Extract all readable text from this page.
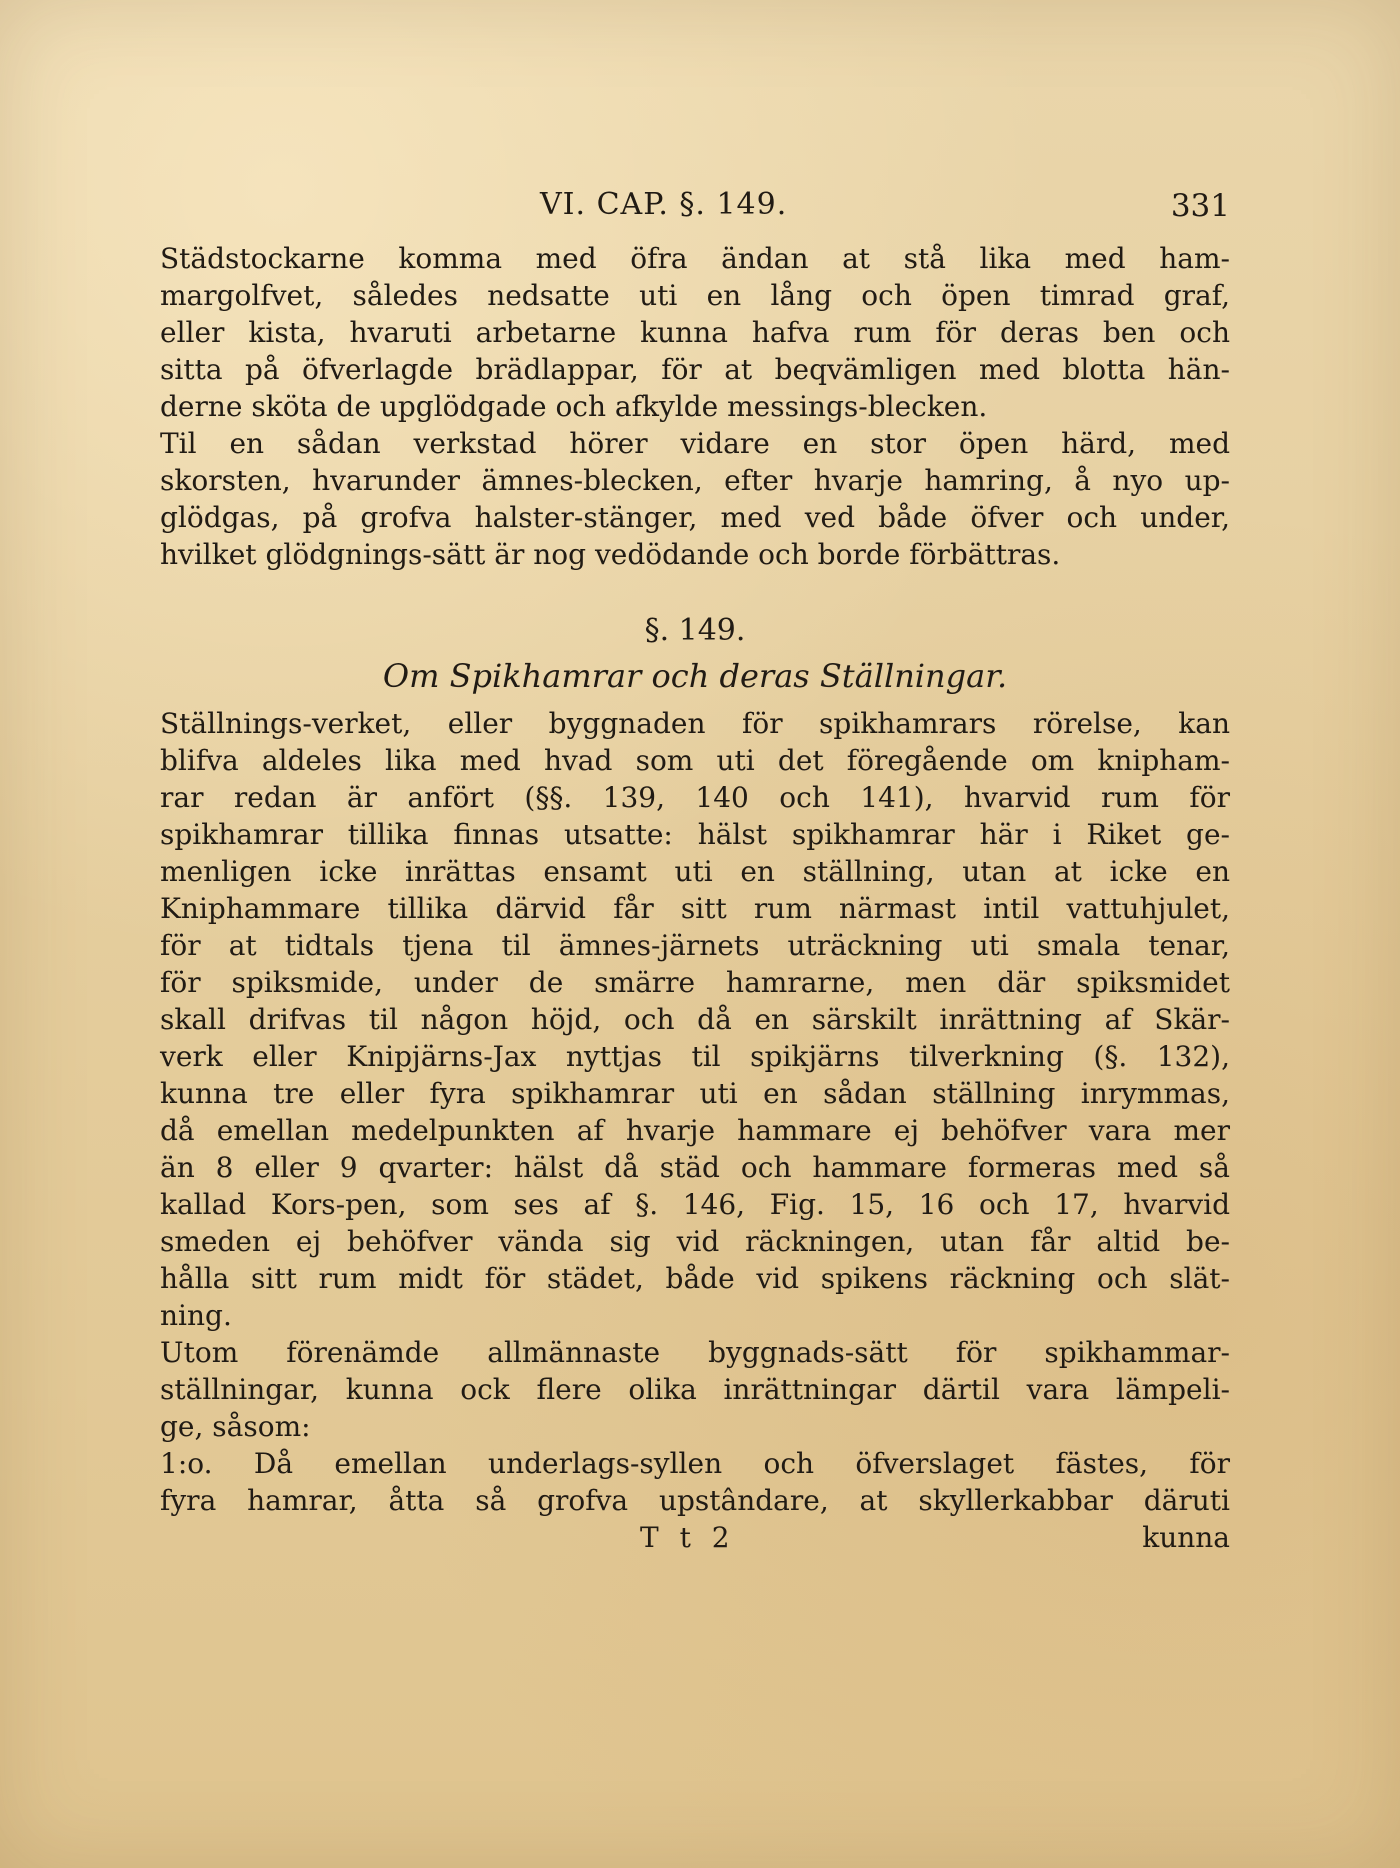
VI. CAP. §. 149.	331
Städstockarne komma med öfra ändan at stå lika med ham-
margolfvet, således nedsatte uti en lång och öpen timrad graf,
eller kista, hvaruti arbetarne kunna hafva rum för deras ben och
sitta på öfverlagde brädlappar, för at beqvämligen med blotta hän-
derne sköta de upglödgade och afkylde messings-blecken.
Til en sådan verkstad hörer vidare en stor öpen härd, med
skorsten, hvarunder ämnes-blecken, efter hvarje hamring, å nyo up-
glödgas, på grofva halster-stänger, med ved både öfver och under,
hvilket glödgnings-sätt är nog vedödande och borde förbättras.
§. 149.
Om Spikhamrar och deras Ställningar.
Ställnings-verket, eller byggnaden för spikhamrars rörelse, kan
blifva aldeles lika med hvad som uti det föregående om knipham-
rar redan är anfört (§§. 139, 140 och 141), hvarvid rum för
spikhamrar tillika finnas utsatte: hälst spikhamrar här i Riket ge-
menligen icke inrättas ensamt uti en ställning, utan at icke en
Kniphammare tillika därvid får sitt rum närmast intil vattuhjulet,
för at tidtals tjena til ämnes-järnets uträckning uti smala tenar,
för spiksmide, under de smärre hamrarne, men där spiksmidet
skall drifvas til någon höjd, och då en särskilt inrättning af Skär-
verk eller Knipjärns-Jax nyttjas til spikjärns tilverkning (§. 132),
kunna tre eller fyra spikhamrar uti en sådan ställning inrymmas,
då emellan medelpunkten af hvarje hammare ej behöfver vara mer
än 8 eller 9 qvarter: hälst då städ och hammare formeras med så
kallad Kors-pen, som ses af §. 146, Fig. 15, 16 och 17, hvarvid
smeden ej behöfver vända sig vid räckningen, utan får altid be-
hålla sitt rum midt för städet, både vid spikens räckning och slät-
ning.
Utom förenämde allmännaste byggnads-sätt för spikhammar-
ställningar, kunna ock flere olika inrättningar därtil vara lämpeli-
ge, såsom:
1:o. Då emellan underlags-syllen och öfverslaget fästes, för
fyra hamrar, åtta så grofva upstândare, at skyllerkabbar däruti
T t 2	kunna
